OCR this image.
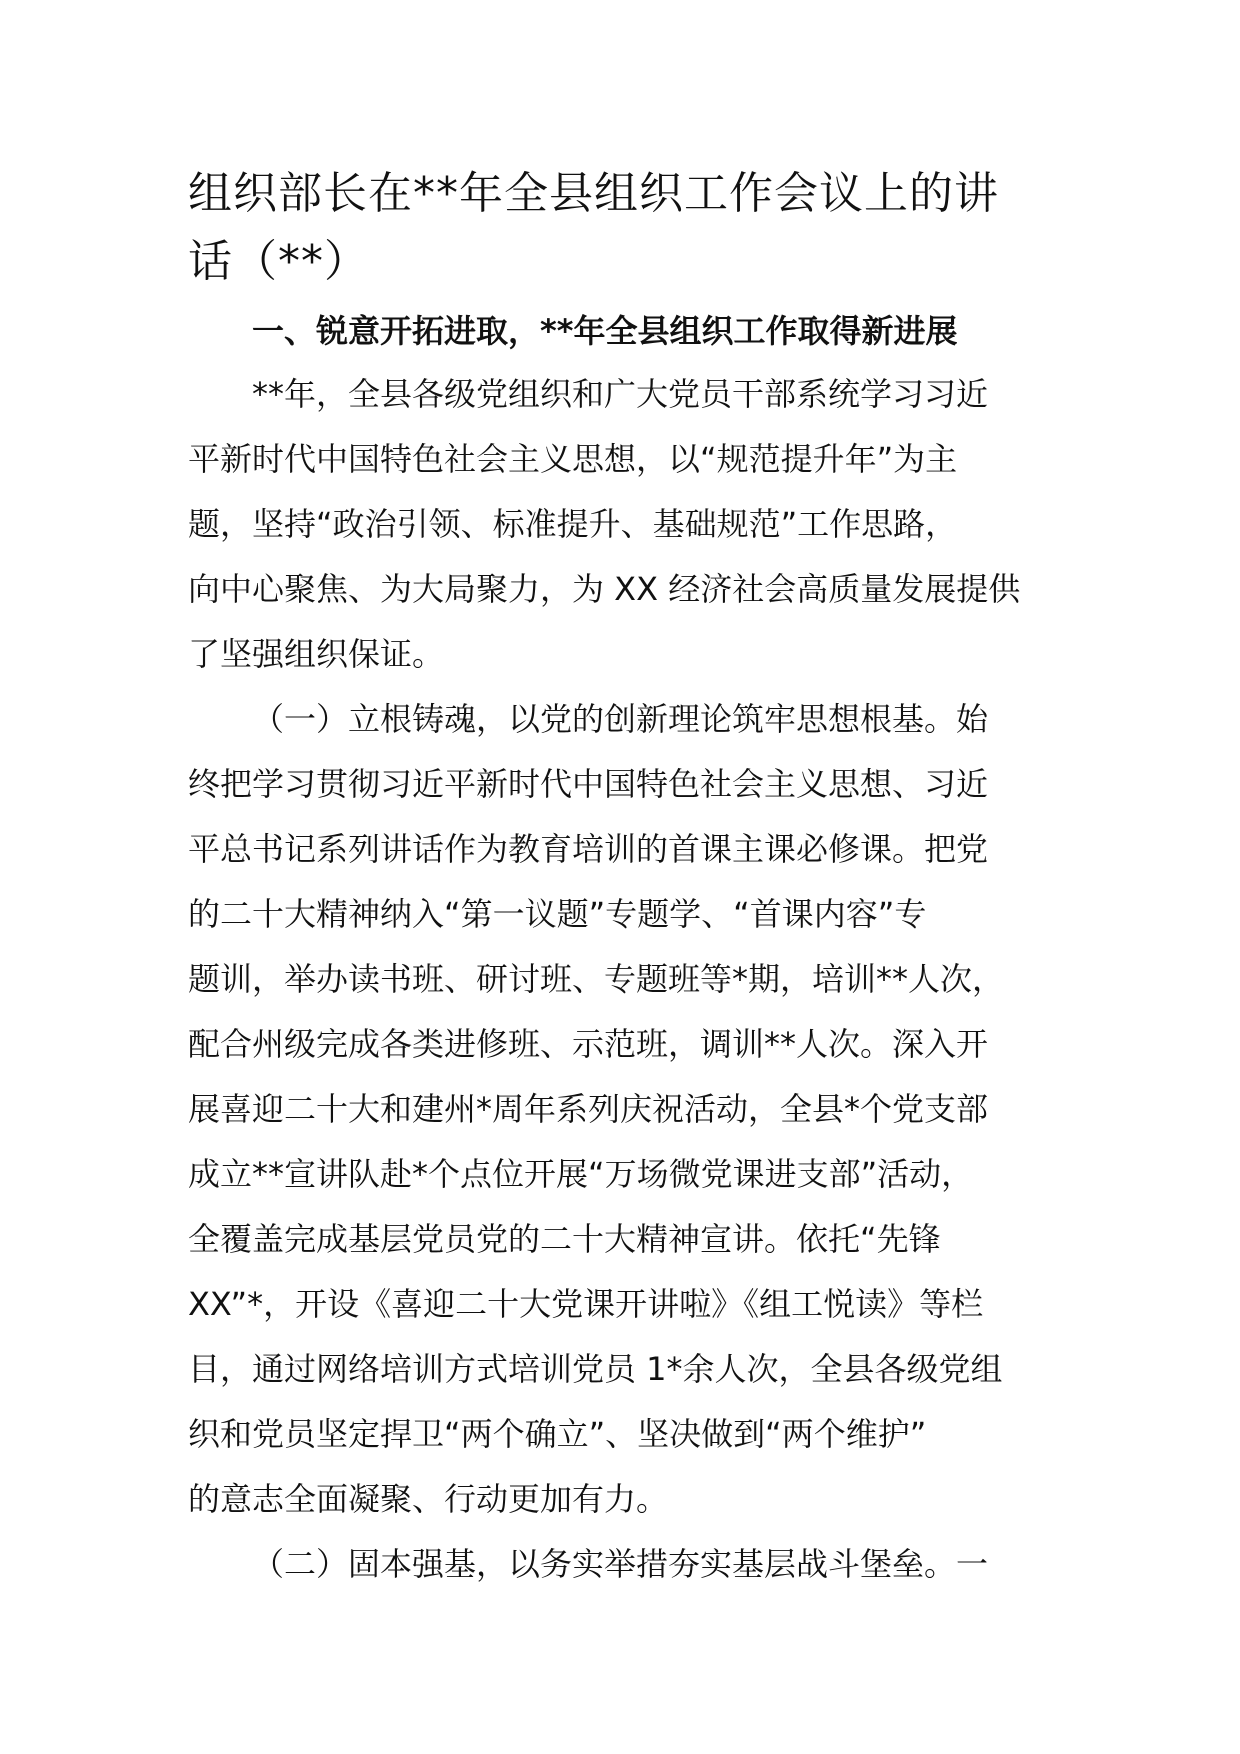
组织部长在**年全县组织工作会议上的讲
话（**）
一、锐意开拓进取，**年全县组织工作取得新进展
**年，全县各级党组织和广大党员干部系统学习习近
平新时代中国特色社会主义思想，以“规范提升年”为主
题，坚持“政治引领、标准提升、基础规范”工作思路，
向中心聚焦、为大局聚力，为 XX 经济社会高质量发展提供
了坚强组织保证。
（一）立根铸魂，以党的创新理论筑牢思想根基。始
终把学习贯彻习近平新时代中国特色社会主义思想、习近
平总书记系列讲话作为教育培训的首课主课必修课。把党
的二十大精神纳入“第一议题”专题学、“首课内容”专
题训，举办读书班、研讨班、专题班等*期，培训**人次，
配合州级完成各类进修班、示范班，调训**人次。深入开
展喜迎二十大和建州*周年系列庆祝活动，全县*个党支部
成立**宣讲队赴*个点位开展“万场微党课进支部”活动，
全覆盖完成基层党员党的二十大精神宣讲。依托“先锋
XX”*，开设《喜迎二十大党课开讲啦》《组工悦读》等栏
目，通过网络培训方式培训党员 1*余人次，全县各级党组
织和党员坚定捍卫“两个确立”、坚决做到“两个维护”
的意志全面凝聚、行动更加有力。
（二）固本强基，以务实举措夯实基层战斗堡垒。一
